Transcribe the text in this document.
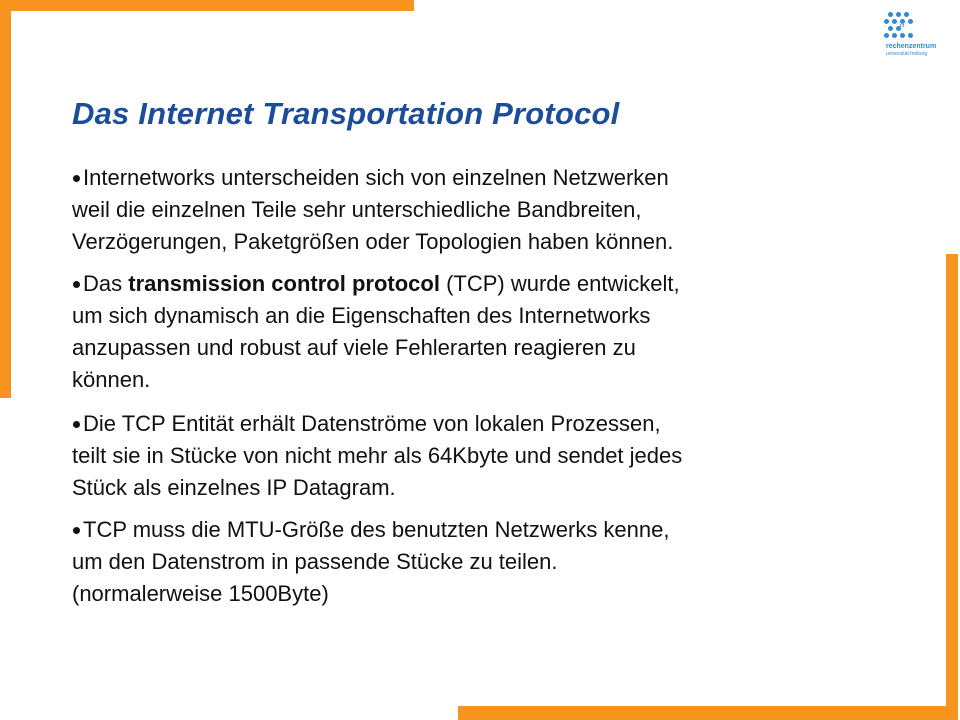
rz
rechenzentrum
universität freiburg
Das Internet Transportation Protocol
Internetworks unterscheiden sich von einzelnen Netzwerken
weil die einzelnen Teile sehr unterschiedliche Bandbreiten,
Verzögerungen, Paketgrößen oder Topologien haben können.
Das transmission control protocol (TCP) wurde entwickelt,
um sich dynamisch an die Eigenschaften des Internetworks
anzupassen und robust auf viele Fehlerarten reagieren zu
können.
Die TCP Entität erhält Datenströme von lokalen Prozessen,
teilt sie in Stücke von nicht mehr als 64Kbyte und sendet jedes
Stück als einzelnes IP Datagram.
TCP muss die MTU-Größe des benutzten Netzwerks kenne,
um den Datenstrom in passende Stücke zu teilen.
(normalerweise 1500Byte)
